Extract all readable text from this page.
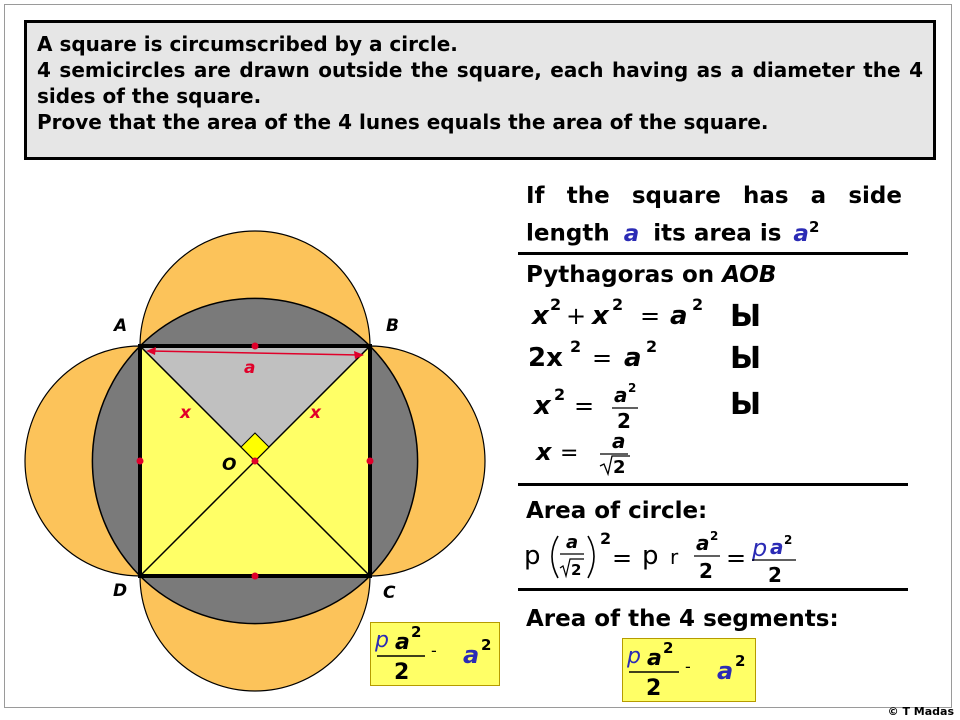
A square is circumscribed by a circle.

4 semicircles are drawn outside the square, each having as a diameter the 4 sides of the square.

Prove that the area of the 4 lunes equals the area of the square.

A	B
C
D
O
a
x	x
p a 2
2
- a 2
If the square has a side
length a its area is $a^2$
Pythagoras on AOB
x 2 + x 2 = a 2 Ы
2x 2 = a 2 Ы
x 2 = a 2
2	Ы
x = a
2
Area of circle:
p a
2
2
= p r
a 2
2 = p a 2
2
Area of the 4 segments:
p a 2
2
- a 2
© T Madas
